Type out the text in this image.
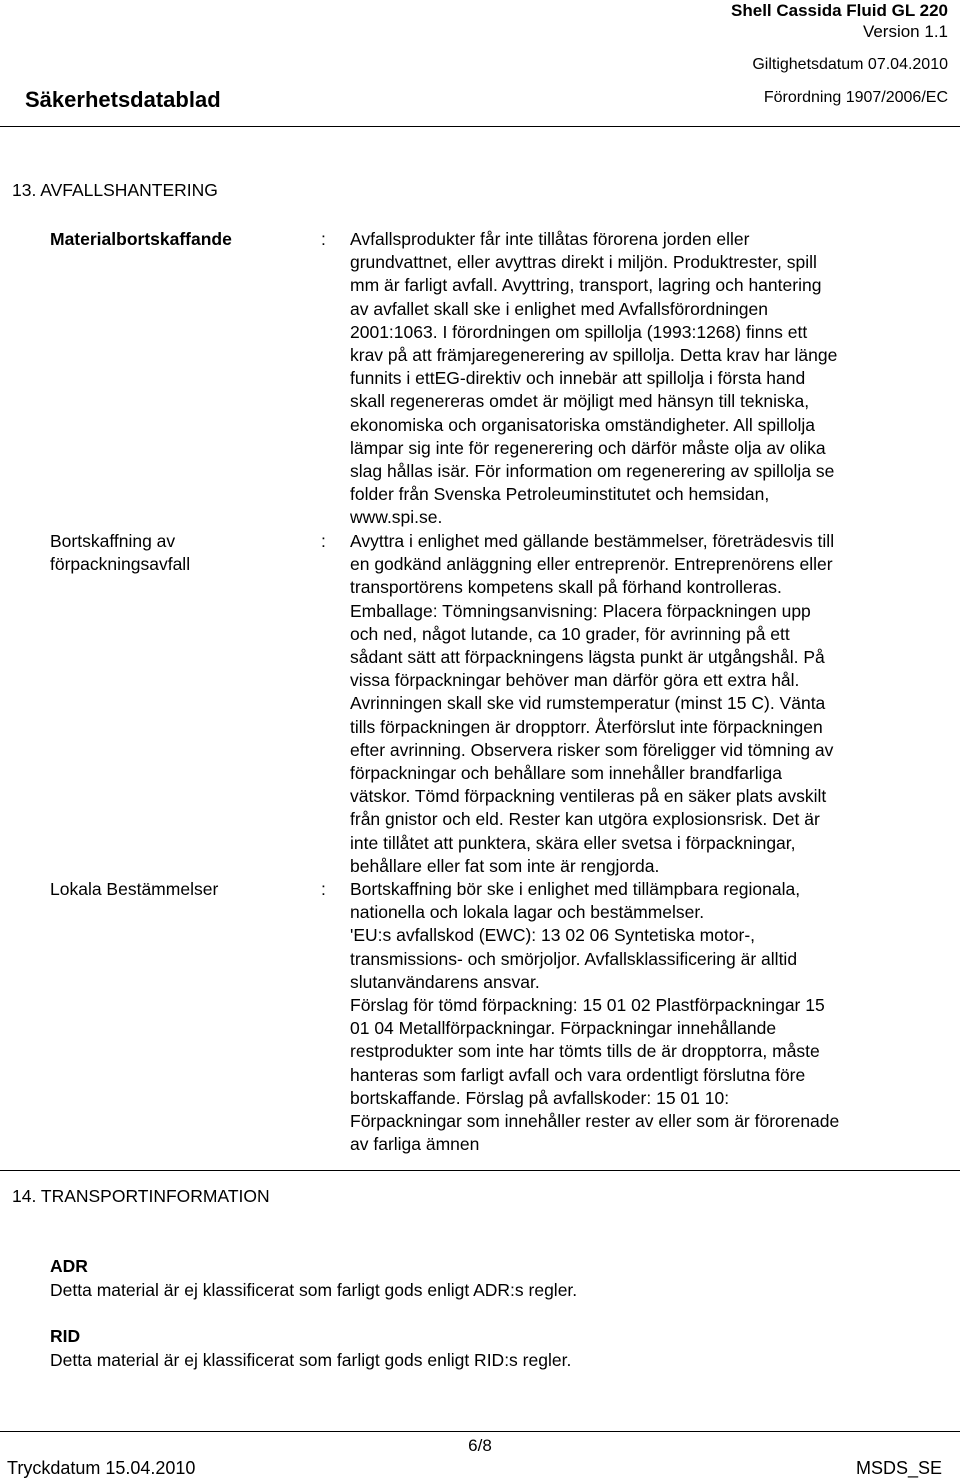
Shell Cassida Fluid GL 220
Version 1.1
Giltighetsdatum 07.04.2010
Förordning 1907/2006/EC
Säkerhetsdatablad
13. AVFALLSHANTERING
Materialbortskaffande	: Avfallsprodukter får inte tillåtas förorena jorden eller
grundvattnet, eller avyttras direkt i miljön. Produktrester, spill
mm är farligt avfall. Avyttring, transport, lagring och hantering
av avfallet skall ske i enlighet med Avfallsförordningen
2001:1063. I förordningen om spillolja (1993:1268) finns ett
krav på att främjaregenerering av spillolja. Detta krav har länge
funnits i ettEG-direktiv och innebär att spillolja i första hand
skall regenereras omdet är möjligt med hänsyn till tekniska,
ekonomiska och organisatoriska omständigheter. All spillolja
lämpar sig inte för regenerering och därför måste olja av olika
slag hållas isär. För information om regenerering av spillolja se
folder från Svenska Petroleuminstitutet och hemsidan,
www.spi.se.
Bortskaffning av
förpackningsavfall
: Avyttra i enlighet med gällande bestämmelser, företrädesvis till
en godkänd anläggning eller entreprenör. Entreprenörens eller
transportörens kompetens skall på förhand kontrolleras.
Emballage: Tömningsanvisning: Placera förpackningen upp
och ned, något lutande, ca 10 grader, för avrinning på ett
sådant sätt att förpackningens lägsta punkt är utgångshål. På
vissa förpackningar behöver man därför göra ett extra hål.
Avrinningen skall ske vid rumstemperatur (minst 15 C). Vänta
tills förpackningen är dropptorr. Återförslut inte förpackningen
efter avrinning. Observera risker som föreligger vid tömning av
förpackningar och behållare som innehåller brandfarliga
vätskor. Tömd förpackning ventileras på en säker plats avskilt
från gnistor och eld. Rester kan utgöra explosionsrisk. Det är
inte tillåtet att punktera, skära eller svetsa i förpackningar,
behållare eller fat som inte är rengjorda.
Lokala Bestämmelser	: Bortskaffning bör ske i enlighet med tillämpbara regionala,
nationella och lokala lagar och bestämmelser.
'EU:s avfallskod (EWC): 13 02 06 Syntetiska motor-,
transmissions- och smörjoljor. Avfallsklassificering är alltid
slutanvändarens ansvar.
Förslag för tömd förpackning: 15 01 02 Plastförpackningar 15
01 04 Metallförpackningar. Förpackningar innehållande
restprodukter som inte har tömts tills de är dropptorra, måste
hanteras som farligt avfall och vara ordentligt förslutna före
bortskaffande. Förslag på avfallskoder: 15 01 10:
Förpackningar som innehåller rester av eller som är förorenade
av farliga ämnen
14. TRANSPORTINFORMATION
ADR
Detta material är ej klassificerat som farligt gods enligt ADR:s regler.
RID
Detta material är ej klassificerat som farligt gods enligt RID:s regler.
6/8
Tryckdatum 15.04.2010	MSDS_SE
